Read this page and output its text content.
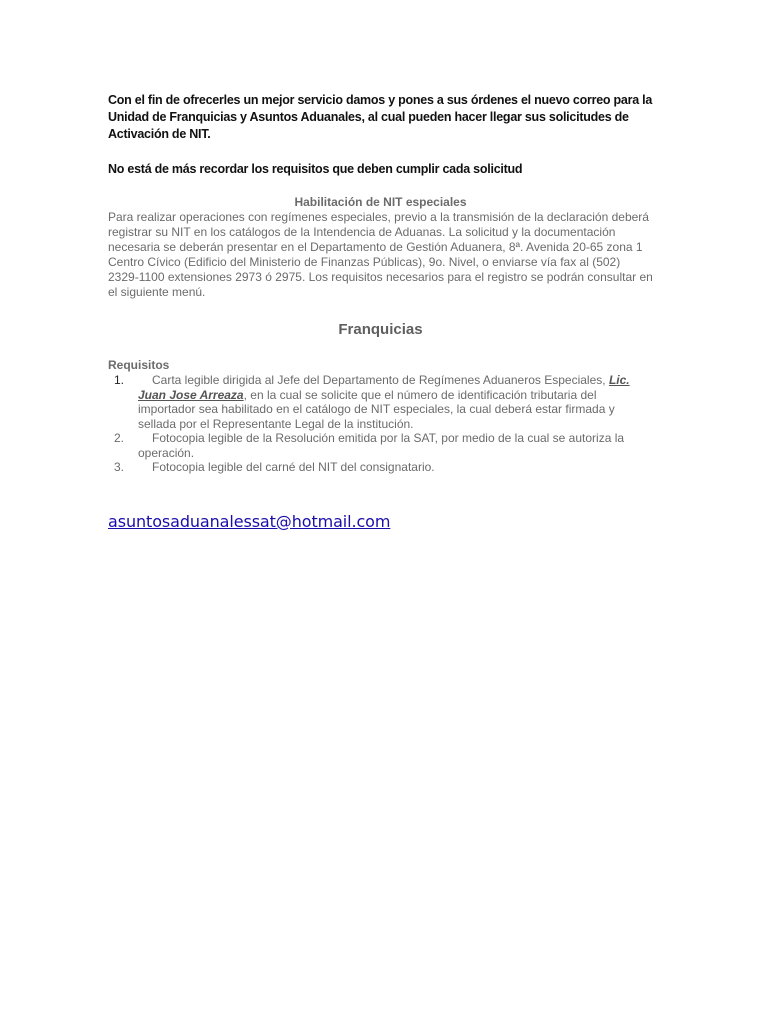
Con el fin de ofrecerles un mejor servicio damos y pones a sus órdenes el nuevo correo para la Unidad de Franquicias y Asuntos Aduanales, al cual pueden hacer llegar sus solicitudes de Activación de NIT.

No está de más recordar los requisitos que deben cumplir cada solicitud

Habilitación de NIT especiales

Para realizar operaciones con regímenes especiales, previo a la transmisión de la declaración deberá registrar su NIT en los catálogos de la Intendencia de Aduanas. La solicitud y la documentación necesaria se deberán presentar en el Departamento de Gestión Aduanera, 8ª. Avenida 20-65 zona 1 Centro Cívico (Edificio del Ministerio de Finanzas Públicas), 9o. Nivel, o enviarse vía fax al (502) 2329-1100 extensiones 2973 ó 2975. Los requisitos necesarios para el registro se podrán consultar en el siguiente menú.

Franquicias
Requisitos
1. Carta legible dirigida al Jefe del Departamento de Regímenes Aduaneros Especiales, Lic. Juan Jose Arreaza, en la cual se solicite que el número de identificación tributaria del importador sea habilitado en el catálogo de NIT especiales, la cual deberá estar firmada y sellada por el Representante Legal de la institución.
2. Fotocopia legible de la Resolución emitida por la SAT, por medio de la cual se autoriza la operación.
3. Fotocopia legible del carné del NIT del consignatario.
asuntosaduanalessat@hotmail.com
